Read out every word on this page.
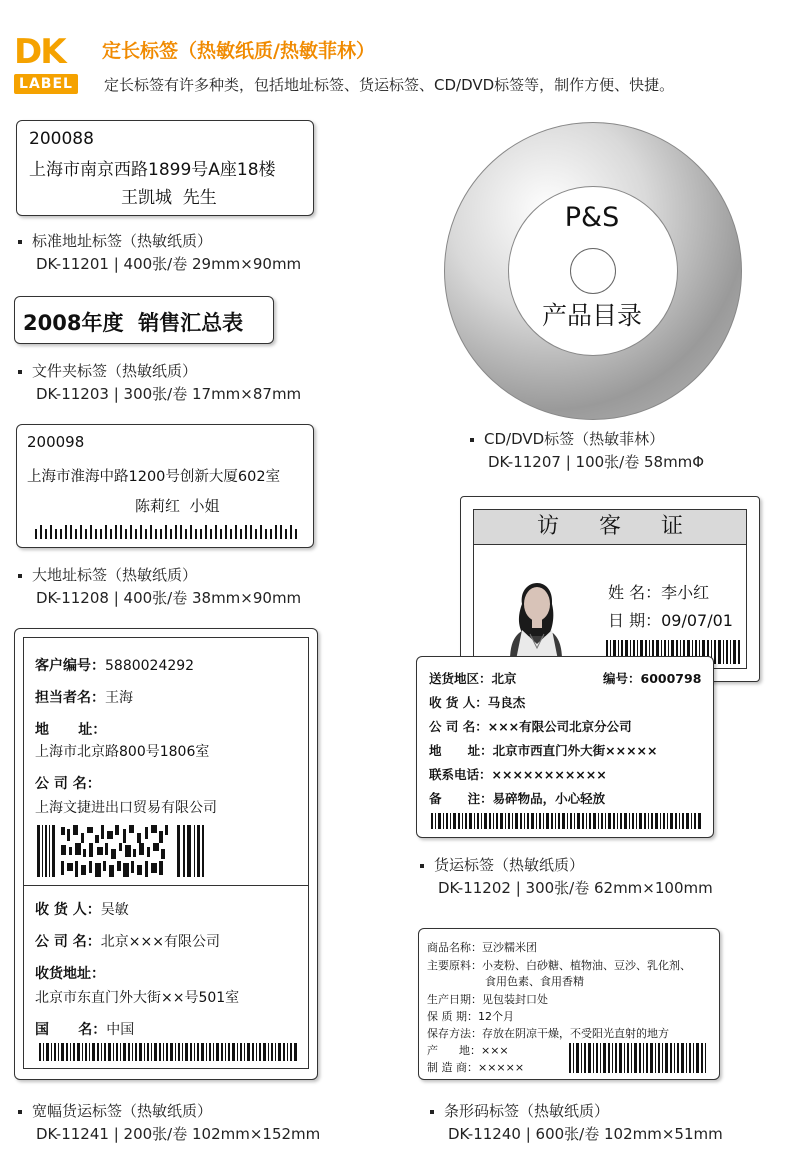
DK
LABEL
定长标签（热敏纸质/热敏菲林）
定长标签有许多种类，包括地址标签、货运标签、CD/DVD标签等，制作方便、快捷。
200088
上海市南京西路1899号A座18楼
王凯城  先生
标准地址标签（热敏纸质）
DK-11201 | 400张/卷 29mm×90mm
2008年度  销售汇总表
文件夹标签（热敏纸质）
DK-11203 | 300张/卷 17mm×87mm
200098
上海市淮海中路1200号创新大厦602室
陈莉红  小姐
大地址标签（热敏纸质）
DK-11208 | 400张/卷 38mm×90mm
客户编号：5880024292
担当者名：王海
地      址：
上海市北京路800号1806室
公 司 名：
上海文捷进出口贸易有限公司
收 货 人：吴敏
公 司 名：北京×××有限公司
收货地址：
北京市东直门外大街××号501室
国      名：中国
宽幅货运标签（热敏纸质）
DK-11241 | 200张/卷 102mm×152mm
P&S
产品目录
CD/DVD标签（热敏菲林）
DK-11207 | 100张/卷 58mmΦ
访客证
姓 名：李小红
日 期：09/07/01
送货地区：北京	编号：6000798
收 货 人：马良杰
公 司 名：×××有限公司北京分公司
地      址：北京市西直门外大街×××××
联系电话：×××××××××××
备      注：易碎物品，小心轻放
货运标签（热敏纸质）
DK-11202 | 300张/卷 62mm×100mm
商品名称：豆沙糯米团
主要原料：小麦粉、白砂糖、植物油、豆沙、乳化剂、
食用色素、食用香精
生产日期：见包装封口处
保 质 期：12个月
保存方法：存放在阴凉干燥，不受阳光直射的地方
产      地：×××
制 造 商：×××××
条形码标签（热敏纸质）
DK-11240 | 600张/卷 102mm×51mm
